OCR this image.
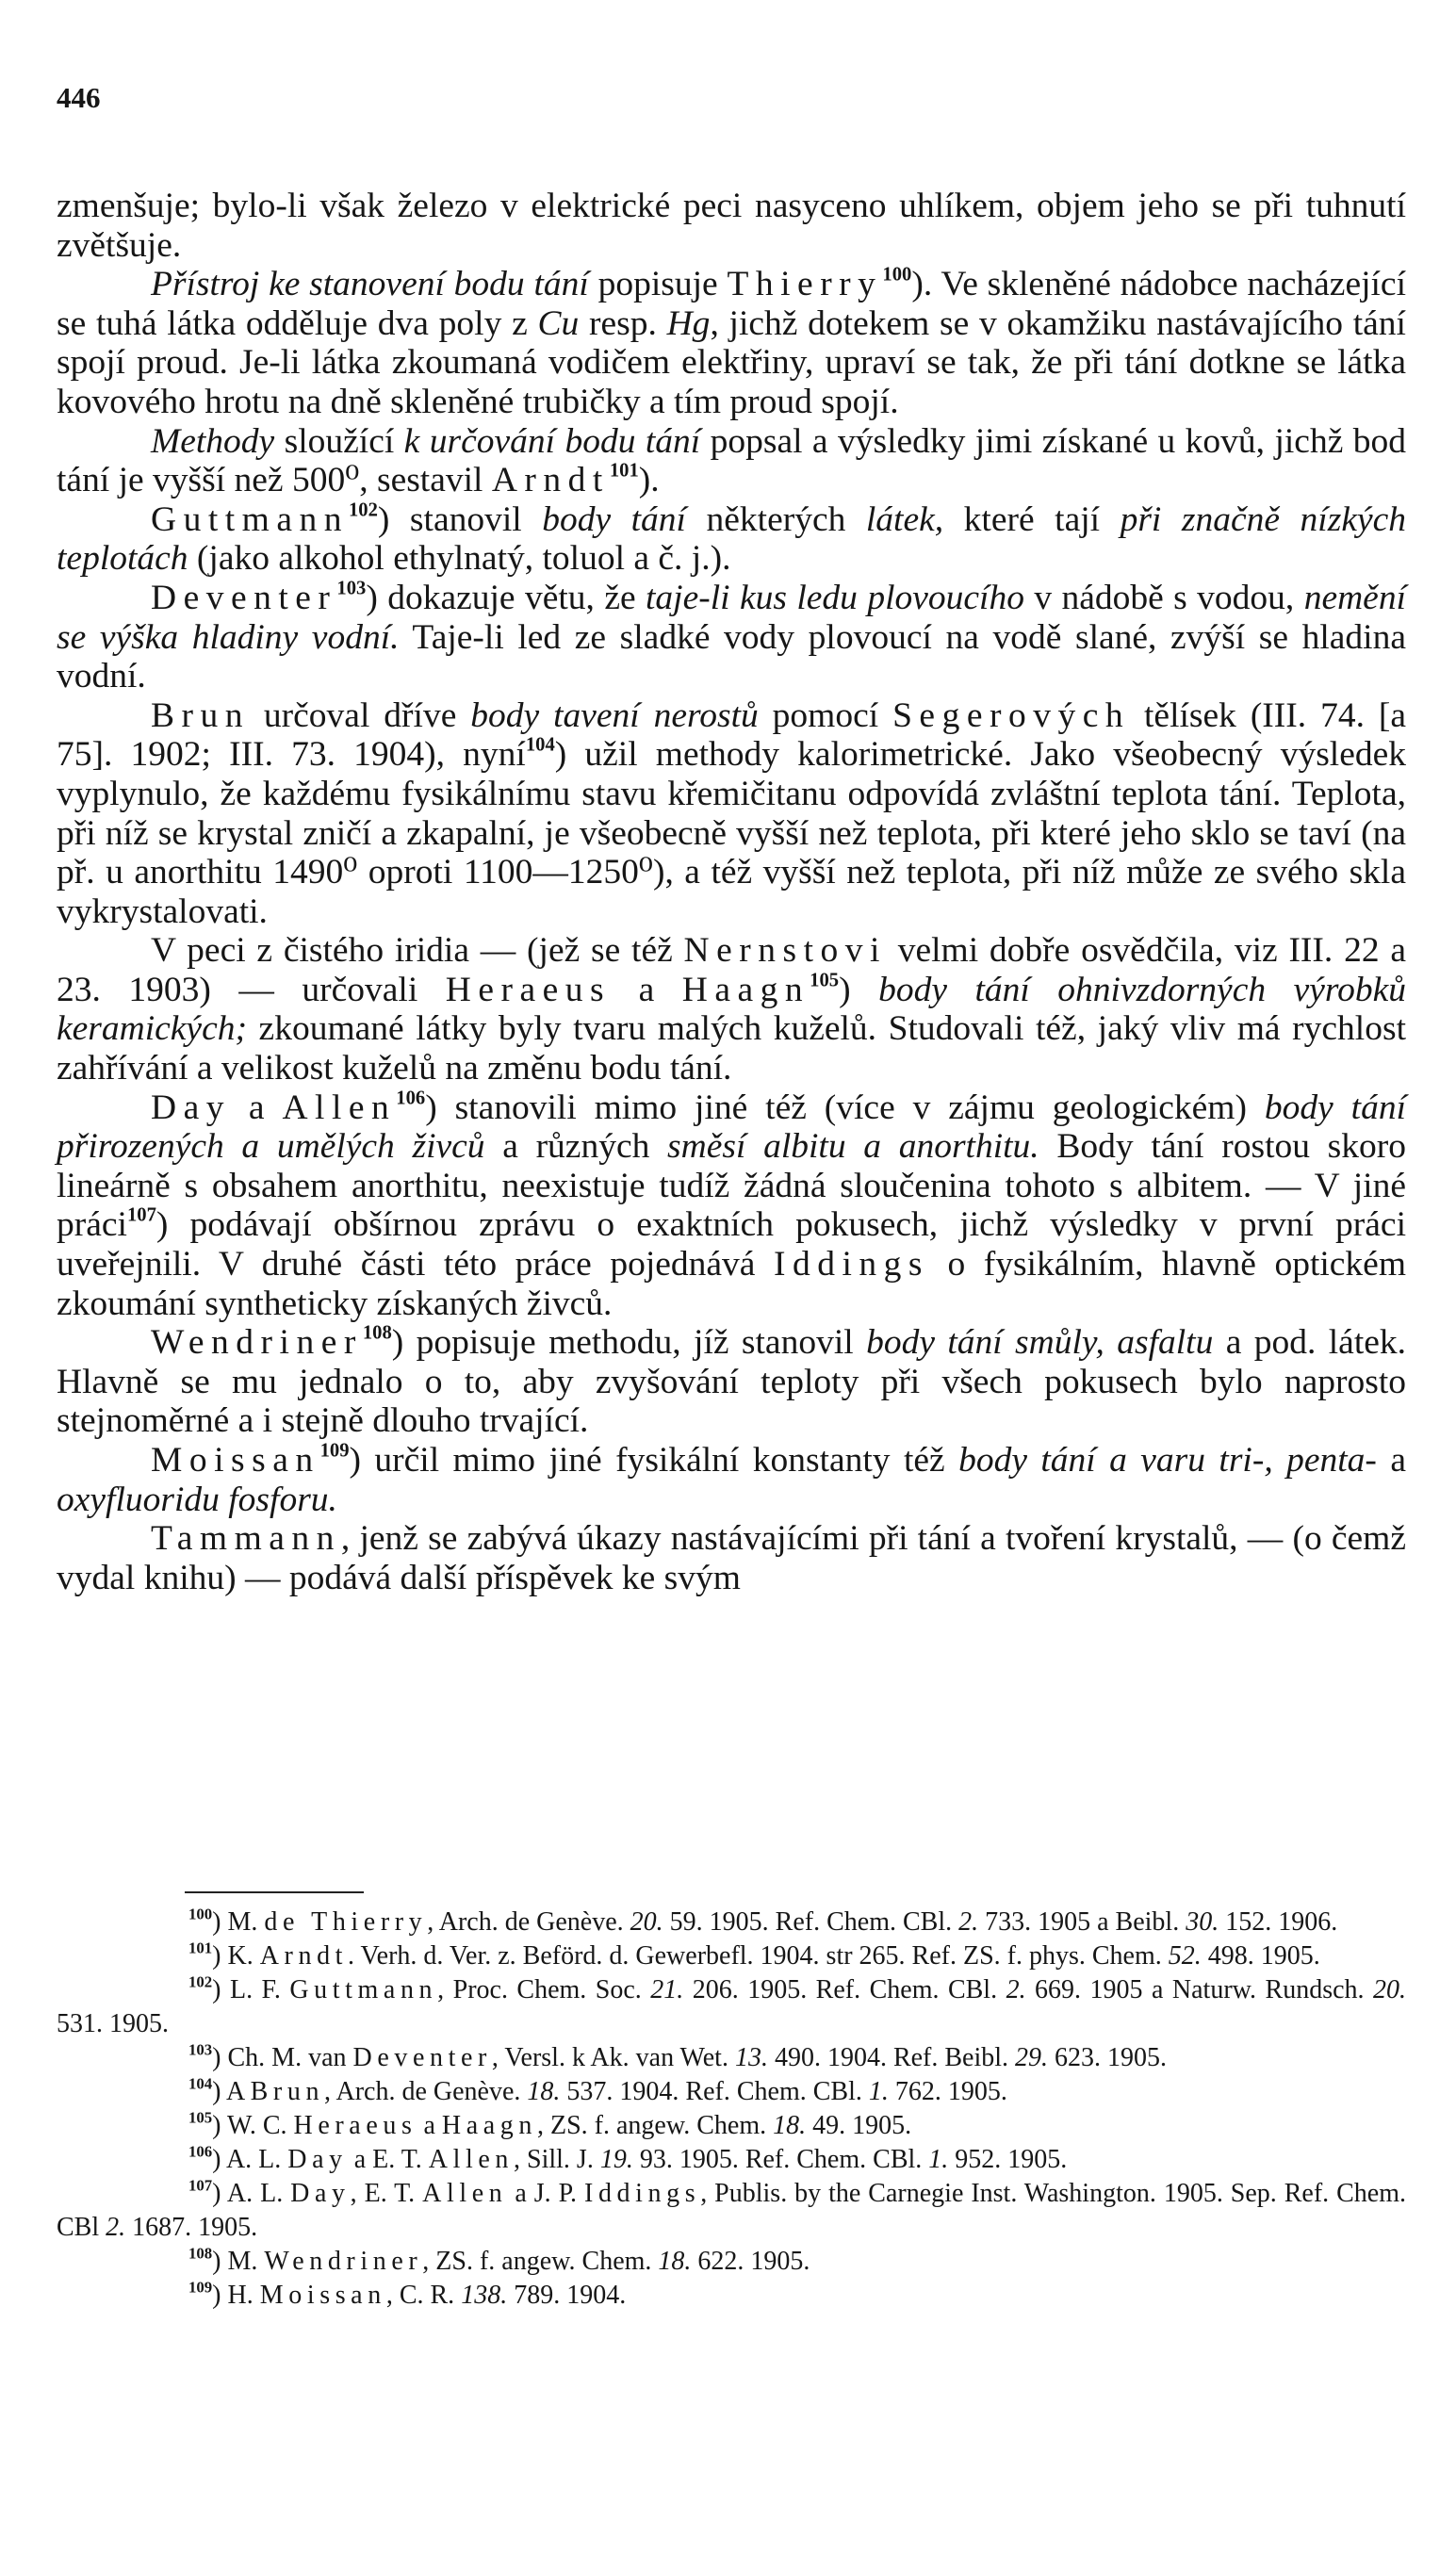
446

zmenšuje; bylo-li však železo v elektrické peci nasyceno uhlíkem, objem jeho se při tuhnutí zvětšuje.

Přístroj ke stanovení bodu tání popisuje Thierry$^{100}$). Ve skleněné nádobce nacházející se tuhá látka odděluje dva poly z Cu resp. Hg, jichž dotekem se v okamžiku nastávajícího tání spojí proud. Je-li látka zkoumaná vodičem elektřiny, upraví se tak, že při tání dotkne se látka kovového hrotu na dně skleněné trubičky a tím proud spojí.

Methody sloužící k určování bodu tání popsal a výsledky jimi získané u kovů, jichž bod tání je vyšší než 500⁰, sestavil Arndt$^{101}$).

Guttmann$^{102}$) stanovil body tání některých látek, které tají při značně nízkých teplotách (jako alkohol ethylnatý, toluol a č. j.).

Deventer$^{103}$) dokazuje větu, že taje-li kus ledu plovoucího v nádobě s vodou, nemění se výška hladiny vodní. Taje-li led ze sladké vody plovoucí na vodě slané, zvýší se hladina vodní.

Brun určoval dříve body tavení nerostů pomocí Segerových tělísek (III. 74. [a 75]. 1902; III. 73. 1904), nyní$^{104}$) užil methody kalorimetrické. Jako všeobecný výsledek vyplynulo, že každému fysikálnímu stavu křemičitanu odpovídá zvláštní teplota tání. Teplota, při níž se krystal zničí a zkapalní, je všeobecně vyšší než teplota, při které jeho sklo se taví (na př. u anorthitu 1490⁰ oproti 1100—1250⁰), a též vyšší než teplota, při níž může ze svého skla vykrystalovati.

V peci z čistého iridia — (jež se též Nernstovi velmi dobře osvědčila, viz III. 22 a 23. 1903) — určovali Heraeus a Haagn$^{105}$) body tání ohnivzdorných výrobků keramických; zkoumané látky byly tvaru malých kuželů. Studovali též, jaký vliv má rychlost zahřívání a velikost kuželů na změnu bodu tání.

Day a Allen$^{106}$) stanovili mimo jiné též (více v zájmu geologickém) body tání přirozených a umělých živců a různých směsí albitu a anorthitu. Body tání rostou skoro lineárně s obsahem anorthitu, neexistuje tudíž žádná sloučenina tohoto s albitem. — V jiné práci$^{107}$) podávají obšírnou zprávu o exaktních pokusech, jichž výsledky v první práci uveřejnili. V druhé části této práce pojednává Iddings o fysikálním, hlavně optickém zkoumání syntheticky získaných živců.

Wendriner$^{108}$) popisuje methodu, jíž stanovil body tání smůly, asfaltu a pod. látek. Hlavně se mu jednalo o to, aby zvyšování teploty při všech pokusech bylo naprosto stejnoměrné a i stejně dlouho trvající.

Moissan$^{109}$) určil mimo jiné fysikální konstanty též body tání a varu tri-, penta- a oxyfluoridu fosforu.

Tammann, jenž se zabývá úkazy nastávajícími při tání a tvoření krystalů, — (o čemž vydal knihu) — podává další příspěvek ke svým

$^{100}$) M. de Thierry, Arch. de Genève. 20. 59. 1905. Ref. Chem. CBl. 2. 733. 1905 a Beibl. 30. 152. 1906.

$^{101}$) K. Arndt. Verh. d. Ver. z. Beförd. d. Gewerbefl. 1904. str 265. Ref. ZS. f. phys. Chem. 52. 498. 1905.

$^{102}$) L. F. Guttmann, Proc. Chem. Soc. 21. 206. 1905. Ref. Chem. CBl. 2. 669. 1905 a Naturw. Rundsch. 20. 531. 1905.

$^{103}$) Ch. M. van Deventer, Versl. k Ak. van Wet. 13. 490. 1904. Ref. Beibl. 29. 623. 1905.

$^{104}$) A Brun, Arch. de Genève. 18. 537. 1904. Ref. Chem. CBl. 1. 762. 1905.

$^{105}$) W. C. Heraeus a Haagn, ZS. f. angew. Chem. 18. 49. 1905.

$^{106}$) A. L. Day a E. T. Allen, Sill. J. 19. 93. 1905. Ref. Chem. CBl. 1. 952. 1905.

$^{107}$) A. L. Day, E. T. Allen a J. P. Iddings, Publis. by the Carnegie Inst. Washington. 1905. Sep. Ref. Chem. CBl 2. 1687. 1905.

$^{108}$) M. Wendriner, ZS. f. angew. Chem. 18. 622. 1905.

$^{109}$) H. Moissan, C. R. 138. 789. 1904.
